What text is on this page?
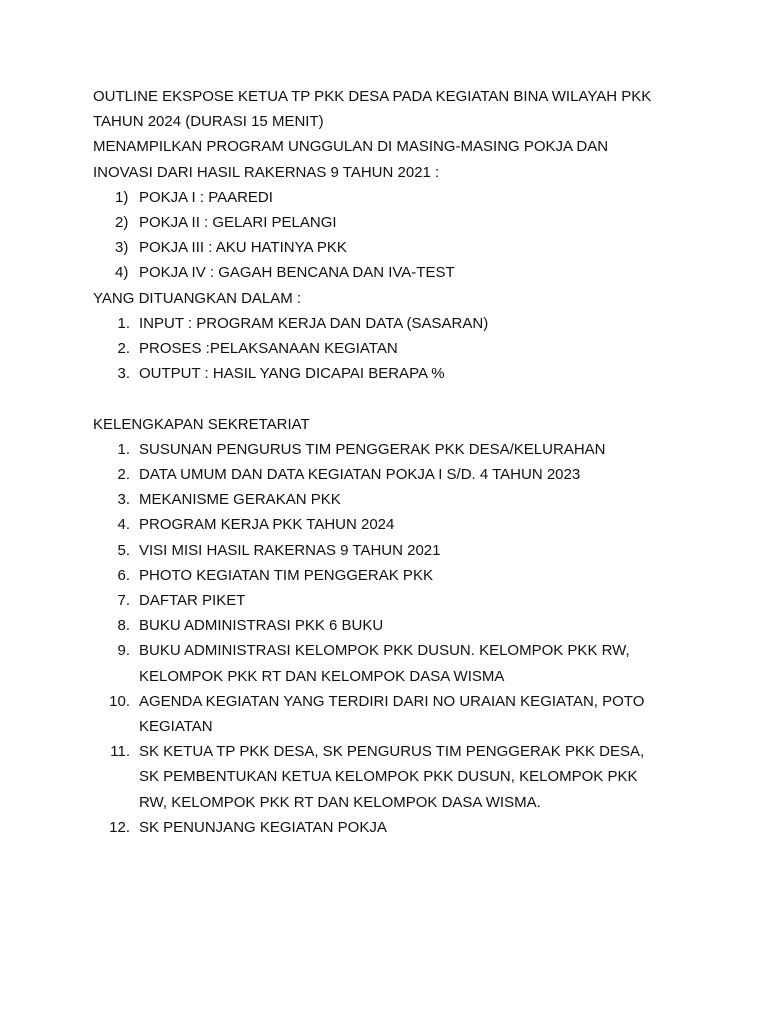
OUTLINE EKSPOSE KETUA TP PKK DESA PADA KEGIATAN BINA WILAYAH PKK

TAHUN 2024 (DURASI 15 MENIT)

MENAMPILKAN PROGRAM UNGGULAN DI MASING-MASING POKJA DAN

INOVASI DARI HASIL RAKERNAS 9 TAHUN 2021 :

1) POKJA I : PAAREDI
2) POKJA II : GELARI PELANGI
3) POKJA III : AKU HATINYA PKK
4) POKJA IV : GAGAH BENCANA DAN IVA-TEST

YANG DITUANGKAN DALAM :

1. INPUT : PROGRAM KERJA DAN DATA (SASARAN)
2. PROSES :PELAKSANAAN KEGIATAN
3. OUTPUT : HASIL YANG DICAPAI BERAPA %

KELENGKAPAN SEKRETARIAT

1. SUSUNAN PENGURUS TIM PENGGERAK PKK DESA/KELURAHAN
2. DATA UMUM DAN DATA KEGIATAN POKJA I S/D. 4 TAHUN 2023
3. MEKANISME GERAKAN PKK
4. PROGRAM KERJA PKK TAHUN 2024
5. VISI MISI HASIL RAKERNAS 9 TAHUN 2021
6. PHOTO KEGIATAN TIM PENGGERAK PKK
7. DAFTAR PIKET
8. BUKU ADMINISTRASI PKK 6 BUKU
9. BUKU ADMINISTRASI KELOMPOK PKK DUSUN. KELOMPOK PKK RW,
KELOMPOK PKK RT DAN KELOMPOK DASA WISMA
10. AGENDA KEGIATAN YANG TERDIRI DARI NO URAIAN KEGIATAN, POTO
KEGIATAN
11. SK KETUA TP PKK DESA, SK PENGURUS TIM PENGGERAK PKK DESA,
SK PEMBENTUKAN KETUA KELOMPOK PKK DUSUN, KELOMPOK PKK
RW, KELOMPOK PKK RT DAN KELOMPOK DASA WISMA.
12. SK PENUNJANG KEGIATAN POKJA
